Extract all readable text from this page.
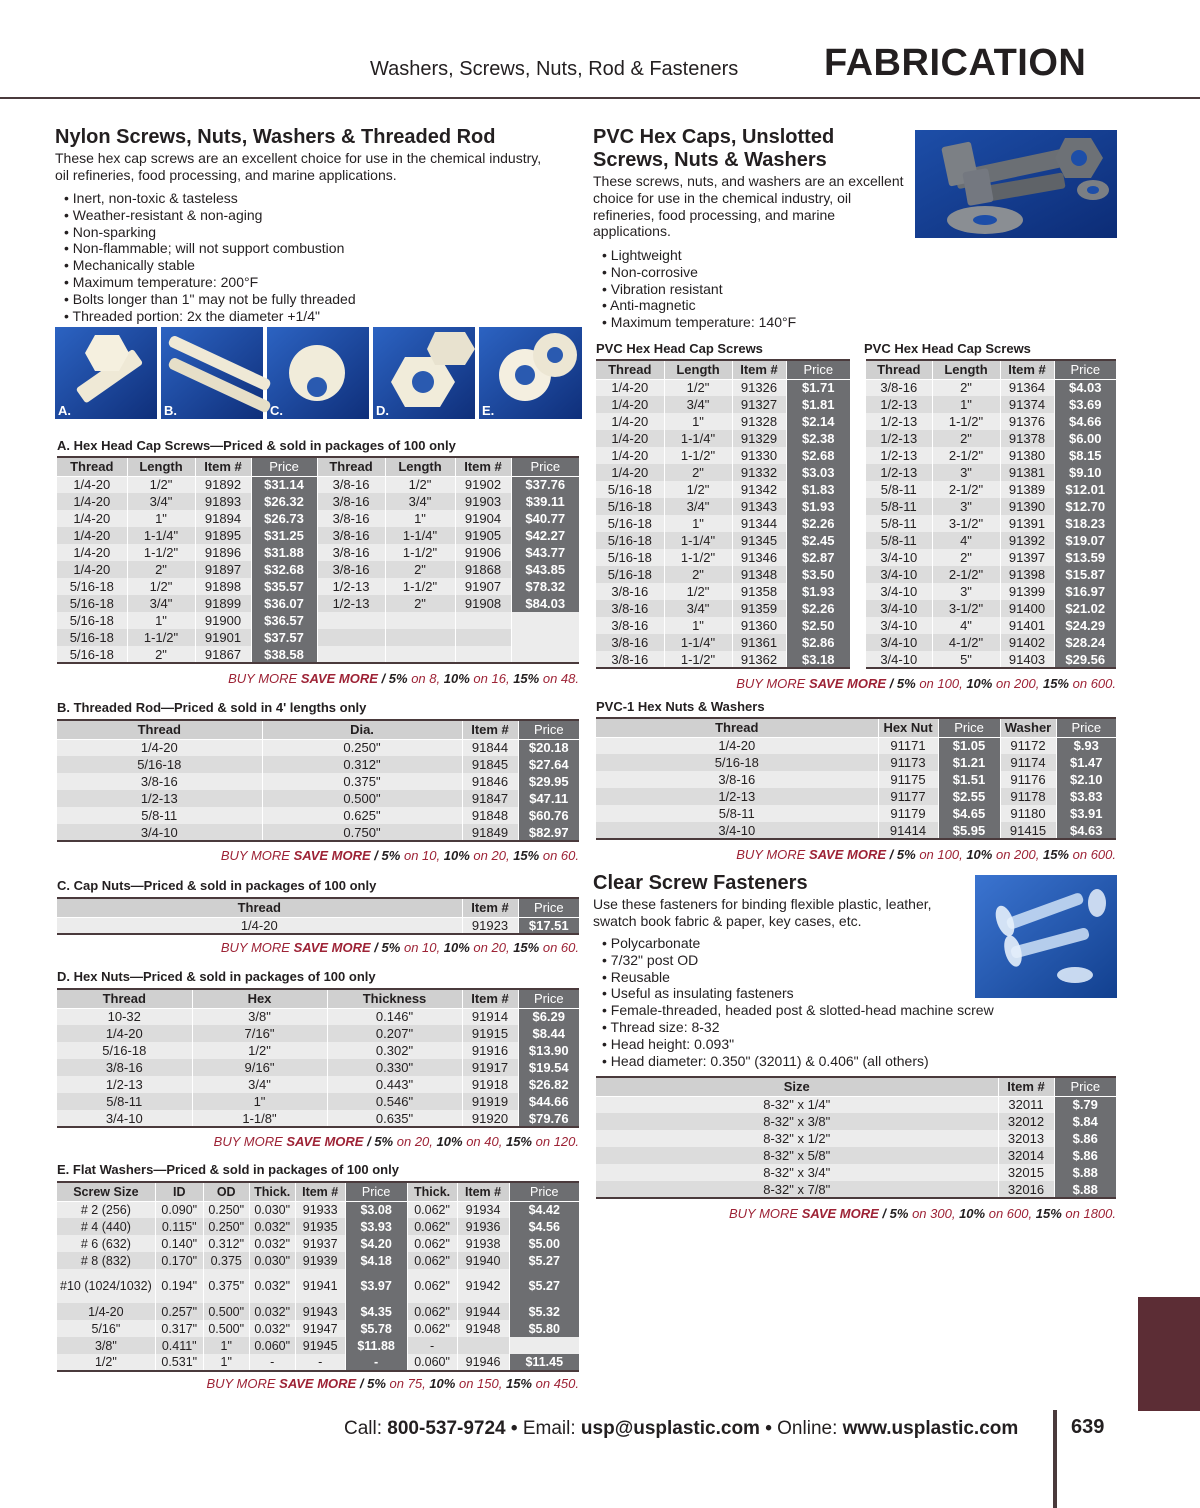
Washers, Screws, Nuts, Rod & Fasteners FABRICATION
Nylon Screws, Nuts, Washers & Threaded Rod
These hex cap screws are an excellent choice for use in the chemical industry, oil refineries, food processing, and marine applications.
• Inert, non-toxic & tasteless
• Weather-resistant & non-aging
• Non-sparking
• Non-flammable; will not support combustion
• Mechanically stable
• Maximum temperature: 200°F
• Bolts longer than 1" may not be fully threaded
• Threaded portion: 2x the diameter +1/4"
A.	B.	C.	D.	E.
A. Hex Head Cap Screws—Priced & sold in packages of 100 only
Thread	Length	Item #	Price	Thread	Length	Item #	Price
1/4-20	1/2"	91892	$31.14	3/8-16	1/2"	91902	$37.76
1/4-20	3/4"	91893	$26.32	3/8-16	3/4"	91903	$39.11
1/4-20	1"	91894	$26.73	3/8-16	1"	91904	$40.77
1/4-20	1-1/4"	91895	$31.25	3/8-16	1-1/4"	91905	$42.27
1/4-20	1-1/2"	91896	$31.88	3/8-16	1-1/2"	91906	$43.77
1/4-20	2"	91897	$32.68	3/8-16	2"	91868	$43.85
5/16-18	1/2"	91898	$35.57	1/2-13	1-1/2"	91907	$78.32
5/16-18	3/4"	91899	$36.07	1/2-13	2"	91908	$84.03
5/16-18	1"	91900	$36.57				
5/16-18	1-1/2"	91901	$37.57				
5/16-18	2"	91867	$38.58				
BUY MORE SAVE MORE / 5% on 8, 10% on 16, 15% on 48.
B. Threaded Rod—Priced & sold in 4' lengths only
Thread	Dia.	Item #	Price
1/4-20	0.250"	91844	$20.18
5/16-18	0.312"	91845	$27.64
3/8-16	0.375"	91846	$29.95
1/2-13	0.500"	91847	$47.11
5/8-11	0.625"	91848	$60.76
3/4-10	0.750"	91849	$82.97
BUY MORE SAVE MORE / 5% on 10, 10% on 20, 15% on 60.
C. Cap Nuts—Priced & sold in packages of 100 only
Thread	Item #	Price
1/4-20	91923	$17.51
BUY MORE SAVE MORE / 5% on 10, 10% on 20, 15% on 60.
D. Hex Nuts—Priced & sold in packages of 100 only
Thread	Hex	Thickness	Item #	Price
10-32	3/8"	0.146"	91914	$6.29
1/4-20	7/16"	0.207"	91915	$8.44
5/16-18	1/2"	0.302"	91916	$13.90
3/8-16	9/16"	0.330"	91917	$19.54
1/2-13	3/4"	0.443"	91918	$26.82
5/8-11	1"	0.546"	91919	$44.66
3/4-10	1-1/8"	0.635"	91920	$79.76
BUY MORE SAVE MORE / 5% on 20, 10% on 40, 15% on 120.
E. Flat Washers—Priced & sold in packages of 100 only
Screw Size	ID	OD	Thick.	Item #	Price	Thick.	Item #	Price
# 2 (256)	0.090"	0.250"	0.030"	91933	$3.08	0.062"	91934	$4.42
# 4 (440)	0.115"	0.250"	0.032"	91935	$3.93	0.062"	91936	$4.56
# 6 (632)	0.140"	0.312"	0.032"	91937	$4.20	0.062"	91938	$5.00
# 8 (832)	0.170"	0.375	0.030"	91939	$4.18	0.062"	91940	$5.27
#10 (1024/1032)	0.194"	0.375"	0.032"	91941	$3.97	0.062"	91942	$5.27
1/4-20	0.257"	0.500"	0.032"	91943	$4.35	0.062"	91944	$5.32
5/16"	0.317"	0.500"	0.032"	91947	$5.78	0.062"	91948	$5.80
3/8"	0.411"	1"	0.060"	91945	$11.88	-		
1/2"	0.531"	1"	-	-	-	0.060"	91946	$11.45
BUY MORE SAVE MORE / 5% on 75, 10% on 150, 15% on 450.
PVC Hex Caps, Unslotted
Screws, Nuts & Washers
These screws, nuts, and washers are an excellent choice for use in the chemical industry, oil refineries, food processing, and marine applications.
• Lightweight
• Non-corrosive
• Vibration resistant
• Anti-magnetic
• Maximum temperature: 140°F
PVC Hex Head Cap Screws
Thread	Length	Item #	Price
1/4-20	1/2"	91326	$1.71
1/4-20	3/4"	91327	$1.81
1/4-20	1"	91328	$2.14
1/4-20	1-1/4"	91329	$2.38
1/4-20	1-1/2"	91330	$2.68
1/4-20	2"	91332	$3.03
5/16-18	1/2"	91342	$1.83
5/16-18	3/4"	91343	$1.93
5/16-18	1"	91344	$2.26
5/16-18	1-1/4"	91345	$2.45
5/16-18	1-1/2"	91346	$2.87
5/16-18	2"	91348	$3.50
3/8-16	1/2"	91358	$1.93
3/8-16	3/4"	91359	$2.26
3/8-16	1"	91360	$2.50
3/8-16	1-1/4"	91361	$2.86
3/8-16	1-1/2"	91362	$3.18
PVC Hex Head Cap Screws
Thread	Length	Item #	Price
3/8-16	2"	91364	$4.03
1/2-13	1"	91374	$3.69
1/2-13	1-1/2"	91376	$4.66
1/2-13	2"	91378	$6.00
1/2-13	2-1/2"	91380	$8.15
1/2-13	3"	91381	$9.10
5/8-11	2-1/2"	91389	$12.01
5/8-11	3"	91390	$12.70
5/8-11	3-1/2"	91391	$18.23
5/8-11	4"	91392	$19.07
3/4-10	2"	91397	$13.59
3/4-10	2-1/2"	91398	$15.87
3/4-10	3"	91399	$16.97
3/4-10	3-1/2"	91400	$21.02
3/4-10	4"	91401	$24.29
3/4-10	4-1/2"	91402	$28.24
3/4-10	5"	91403	$29.56
BUY MORE SAVE MORE / 5% on 100, 10% on 200, 15% on 600.
PVC-1 Hex Nuts & Washers
Thread	Hex Nut	Price	Washer	Price
1/4-20	91171	$1.05	91172	$.93
5/16-18	91173	$1.21	91174	$1.47
3/8-16	91175	$1.51	91176	$2.10
1/2-13	91177	$2.55	91178	$3.83
5/8-11	91179	$4.65	91180	$3.91
3/4-10	91414	$5.95	91415	$4.63
BUY MORE SAVE MORE / 5% on 100, 10% on 200, 15% on 600.
Clear Screw Fasteners
Use these fasteners for binding flexible plastic, leather, swatch book fabric & paper, key cases, etc.
• Polycarbonate
• 7/32" post OD
• Reusable
• Useful as insulating fasteners
• Female-threaded, headed post & slotted-head machine screw
• Thread size: 8-32
• Head height: 0.093"
• Head diameter: 0.350" (32011) & 0.406" (all others)
Size	Item #	Price
8-32" x 1/4"	32011	$.79
8-32" x 3/8"	32012	$.84
8-32" x 1/2"	32013	$.86
8-32" x 5/8"	32014	$.86
8-32" x 3/4"	32015	$.88
8-32" x 7/8"	32016	$.88
BUY MORE SAVE MORE / 5% on 300, 10% on 600, 15% on 1800.
Call: 800-537-9724 • Email: usp@usplastic.com • Online: www.usplastic.com	639
